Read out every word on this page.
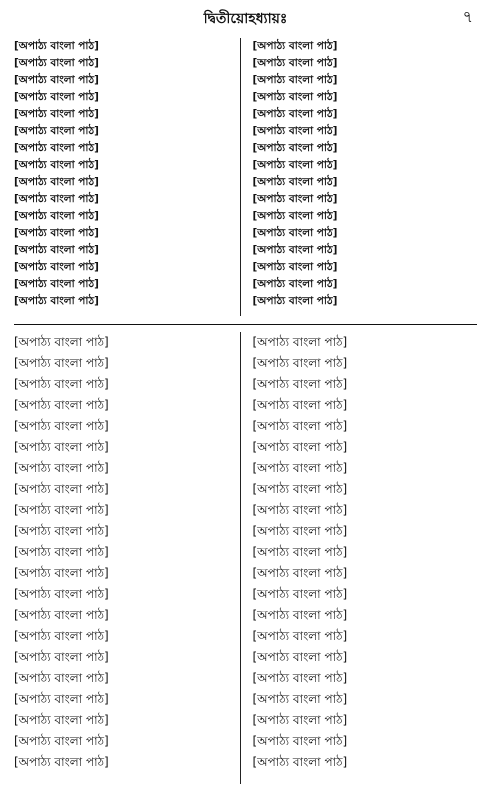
দ্বিতীয়োহধ্যায়ঃ	৭
[অপাঠ্য বাংলা পাঠ]
[অপাঠ্য বাংলা পাঠ]
[অপাঠ্য বাংলা পাঠ]
[অপাঠ্য বাংলা পাঠ]
[অপাঠ্য বাংলা পাঠ]
[অপাঠ্য বাংলা পাঠ]
[অপাঠ্য বাংলা পাঠ]
[অপাঠ্য বাংলা পাঠ]
[অপাঠ্য বাংলা পাঠ]
[অপাঠ্য বাংলা পাঠ]
[অপাঠ্য বাংলা পাঠ]
[অপাঠ্য বাংলা পাঠ]
[অপাঠ্য বাংলা পাঠ]
[অপাঠ্য বাংলা পাঠ]
[অপাঠ্য বাংলা পাঠ]
[অপাঠ্য বাংলা পাঠ]
[অপাঠ্য বাংলা পাঠ]
[অপাঠ্য বাংলা পাঠ]
[অপাঠ্য বাংলা পাঠ]
[অপাঠ্য বাংলা পাঠ]
[অপাঠ্য বাংলা পাঠ]
[অপাঠ্য বাংলা পাঠ]
[অপাঠ্য বাংলা পাঠ]
[অপাঠ্য বাংলা পাঠ]
[অপাঠ্য বাংলা পাঠ]
[অপাঠ্য বাংলা পাঠ]
[অপাঠ্য বাংলা পাঠ]
[অপাঠ্য বাংলা পাঠ]
[অপাঠ্য বাংলা পাঠ]
[অপাঠ্য বাংলা পাঠ]
[অপাঠ্য বাংলা পাঠ]
[অপাঠ্য বাংলা পাঠ]
[অপাঠ্য বাংলা পাঠ]
[অপাঠ্য বাংলা পাঠ]
[অপাঠ্য বাংলা পাঠ]
[অপাঠ্য বাংলা পাঠ]
[অপাঠ্য বাংলা পাঠ]
[অপাঠ্য বাংলা পাঠ]
[অপাঠ্য বাংলা পাঠ]
[অপাঠ্য বাংলা পাঠ]
[অপাঠ্য বাংলা পাঠ]
[অপাঠ্য বাংলা পাঠ]
[অপাঠ্য বাংলা পাঠ]
[অপাঠ্য বাংলা পাঠ]
[অপাঠ্য বাংলা পাঠ]
[অপাঠ্য বাংলা পাঠ]
[অপাঠ্য বাংলা পাঠ]
[অপাঠ্য বাংলা পাঠ]
[অপাঠ্য বাংলা পাঠ]
[অপাঠ্য বাংলা পাঠ]
[অপাঠ্য বাংলা পাঠ]
[অপাঠ্য বাংলা পাঠ]
[অপাঠ্য বাংলা পাঠ]
[অপাঠ্য বাংলা পাঠ]
[অপাঠ্য বাংলা পাঠ]
[অপাঠ্য বাংলা পাঠ]
[অপাঠ্য বাংলা পাঠ]
[অপাঠ্য বাংলা পাঠ]
[অপাঠ্য বাংলা পাঠ]
[অপাঠ্য বাংলা পাঠ]
[অপাঠ্য বাংলা পাঠ]
[অপাঠ্য বাংলা পাঠ]
[অপাঠ্য বাংলা পাঠ]
[অপাঠ্য বাংলা পাঠ]
[অপাঠ্য বাংলা পাঠ]
[অপাঠ্য বাংলা পাঠ]
[অপাঠ্য বাংলা পাঠ]
[অপাঠ্য বাংলা পাঠ]
[অপাঠ্য বাংলা পাঠ]
[অপাঠ্য বাংলা পাঠ]
[অপাঠ্য বাংলা পাঠ]
[অপাঠ্য বাংলা পাঠ]
[অপাঠ্য বাংলা পাঠ]
[অপাঠ্য বাংলা পাঠ]
